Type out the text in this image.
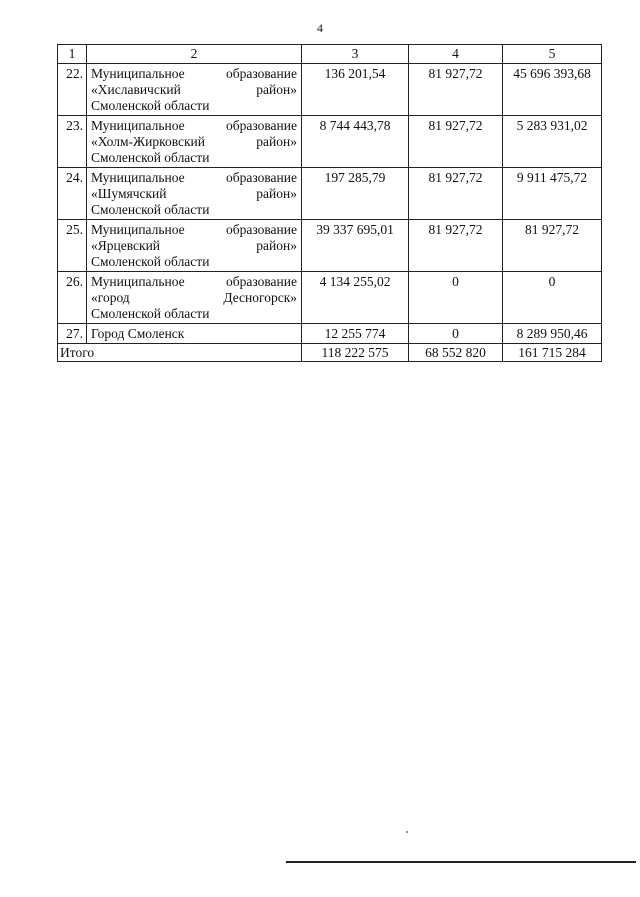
4
1	2	3	4	5
22.	Муниципальное образование
«Хиславичский район»
Смоленской области	136 201,54	81 927,72	45 696 393,68
23.	Муниципальное образование
«Холм-Жирковский район»
Смоленской области	8 744 443,78	81 927,72	5 283 931,02
24.	Муниципальное образование
«Шумячский район»
Смоленской области	197 285,79	81 927,72	9 911 475,72
25.	Муниципальное образование
«Ярцевский район»
Смоленской области	39 337 695,01	81 927,72	81 927,72
26.	Муниципальное образование
«город Десногорск»
Смоленской области	4 134 255,02	0	0
27.	Город Смоленск	12 255 774	0	8 289 950,46
Итого		118 222 575	68 552 820	161 715 284
